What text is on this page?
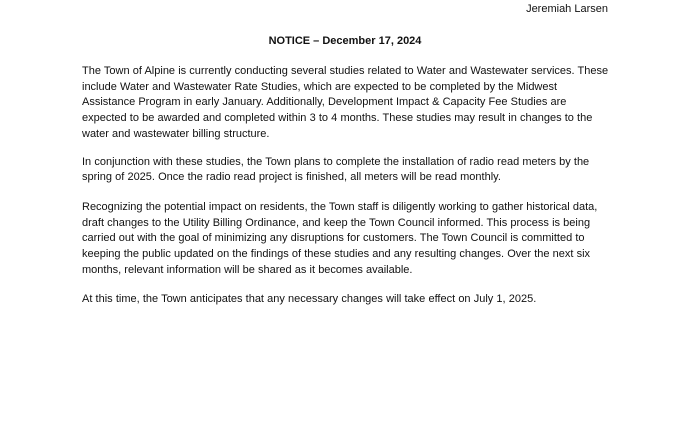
Jeremiah Larsen
NOTICE – December 17, 2024

The Town of Alpine is currently conducting several studies related to Water and Wastewater services. These include Water and Wastewater Rate Studies, which are expected to be completed by the Midwest Assistance Program in early January. Additionally, Development Impact & Capacity Fee Studies are expected to be awarded and completed within 3 to 4 months. These studies may result in changes to the water and wastewater billing structure.

In conjunction with these studies, the Town plans to complete the installation of radio read meters by the spring of 2025. Once the radio read project is finished, all meters will be read monthly.

Recognizing the potential impact on residents, the Town staff is diligently working to gather historical data, draft changes to the Utility Billing Ordinance, and keep the Town Council informed. This process is being carried out with the goal of minimizing any disruptions for customers. The Town Council is committed to keeping the public updated on the findings of these studies and any resulting changes. Over the next six months, relevant information will be shared as it becomes available.

At this time, the Town anticipates that any necessary changes will take effect on July 1, 2025.
